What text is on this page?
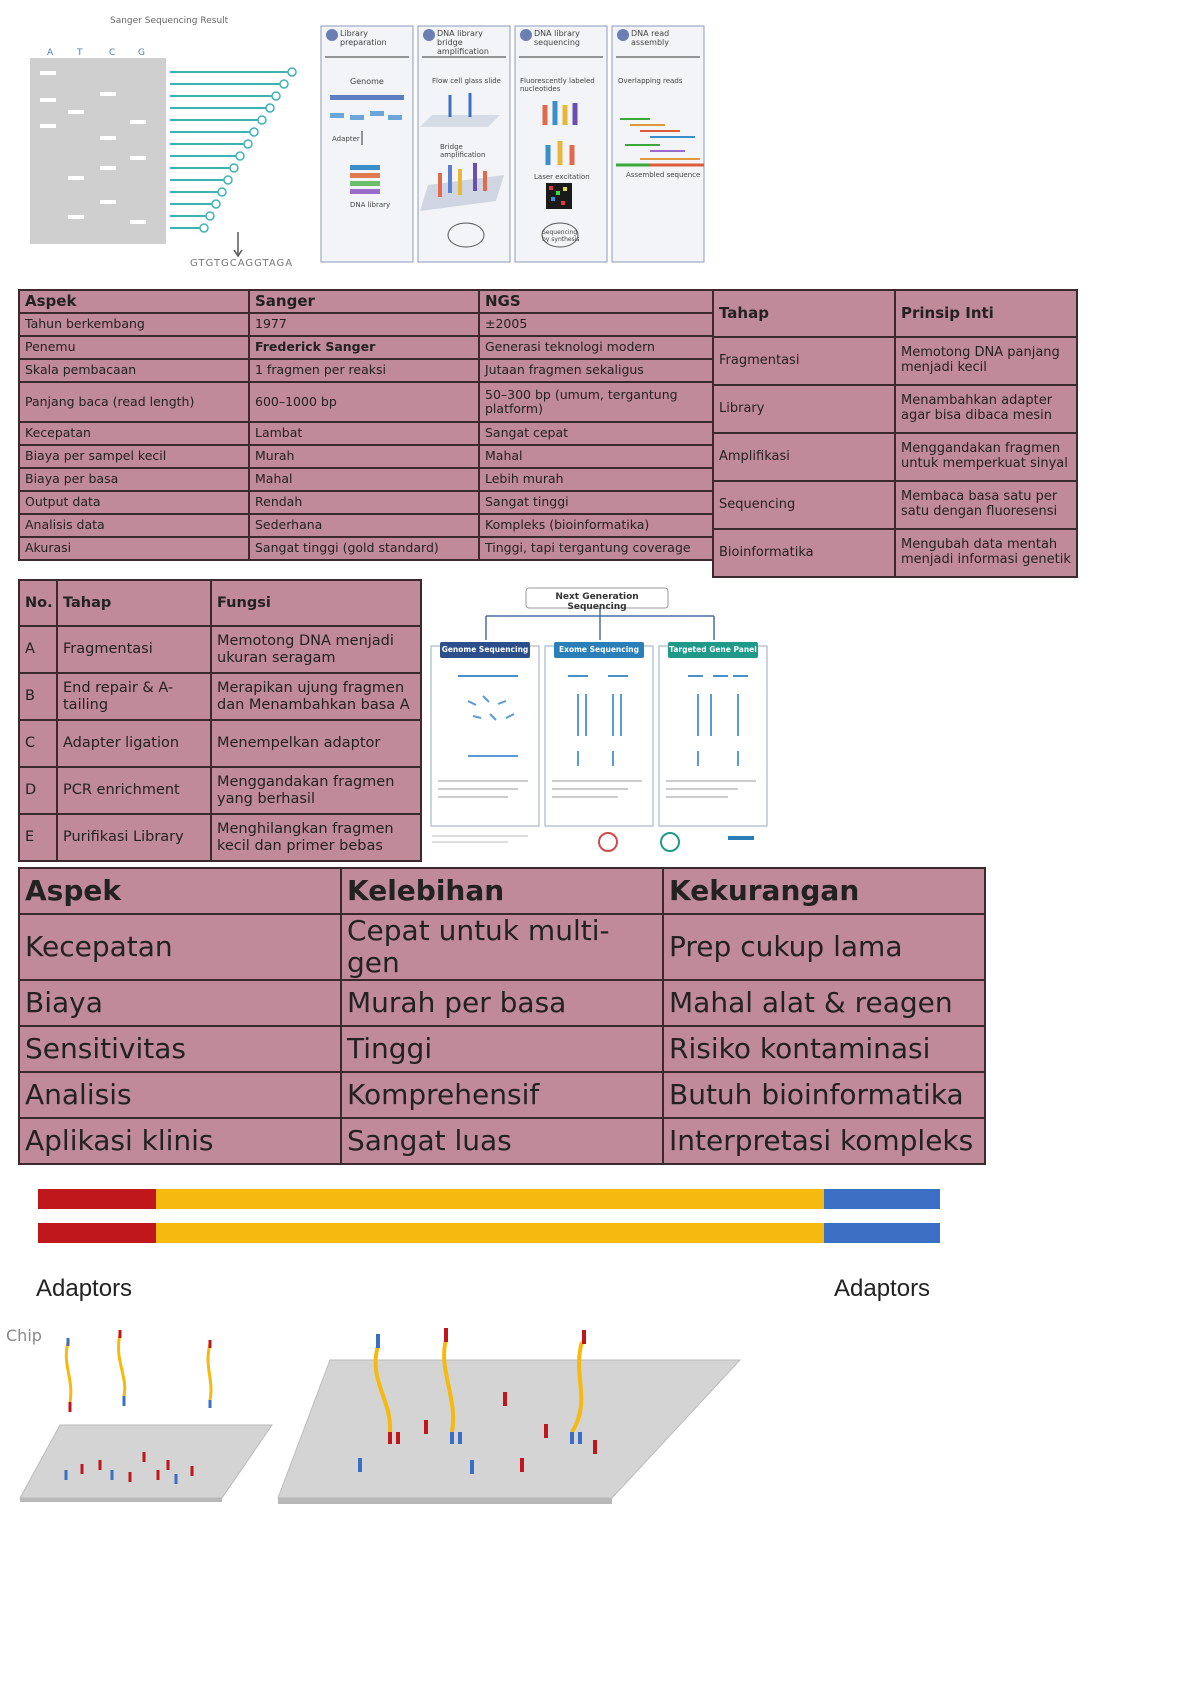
Sanger Sequencing Result
A	T	C	G
GTGTGCAGGTAGA
Library preparation
DNA library bridge amplification
DNA library sequencing
DNA read assembly
Genome	Flow cell glass slide	Fluorescently labeled nucleotides
Overlapping reads
Adapter
DNA library
Bridge amplification
Laser excitation
Sequencing by synthesis
Assembled sequence
Aspek	Sanger	NGS
Tahun berkembang	1977	±2005
Penemu	Frederick Sanger	Generasi teknologi modern
Skala pembacaan	1 fragmen per reaksi	Jutaan fragmen sekaligus
Panjang baca (read length)	600–1000 bp	50–300 bp (umum, tergantung platform)
Kecepatan	Lambat	Sangat cepat
Biaya per sampel kecil	Murah	Mahal
Biaya per basa	Mahal	Lebih murah
Output data	Rendah	Sangat tinggi
Analisis data	Sederhana	Kompleks (bioinformatika)
Akurasi	Sangat tinggi (gold standard)	Tinggi, tapi tergantung coverage
Tahap	Prinsip Inti
Fragmentasi	Memotong DNA panjang menjadi kecil
Library	Menambahkan adapter agar bisa dibaca mesin
Amplifikasi	Menggandakan fragmen untuk memperkuat sinyal
Sequencing	Membaca basa satu per satu dengan fluoresensi
Bioinformatika	Mengubah data mentah menjadi informasi genetik
No.	Tahap	Fungsi
A	Fragmentasi	Memotong DNA menjadi ukuran seragam
B	End repair & A-tailing	Merapikan ujung fragmen dan Menambahkan basa A
C	Adapter ligation	Menempelkan adaptor
D	PCR enrichment	Menggandakan fragmen yang berhasil
E	Purifikasi Library	Menghilangkan fragmen kecil dan primer bebas
Next Generation Sequencing
Genome Sequencing	Exome Sequencing	Targeted Gene Panel
Aspek	Kelebihan	Kekurangan
Kecepatan	Cepat untuk multi-gen	Prep cukup lama
Biaya	Murah per basa	Mahal alat & reagen
Sensitivitas	Tinggi	Risiko kontaminasi
Analisis	Komprehensif	Butuh bioinformatika
Aplikasi klinis	Sangat luas	Interpretasi kompleks
Adaptors	Adaptors
Chip
